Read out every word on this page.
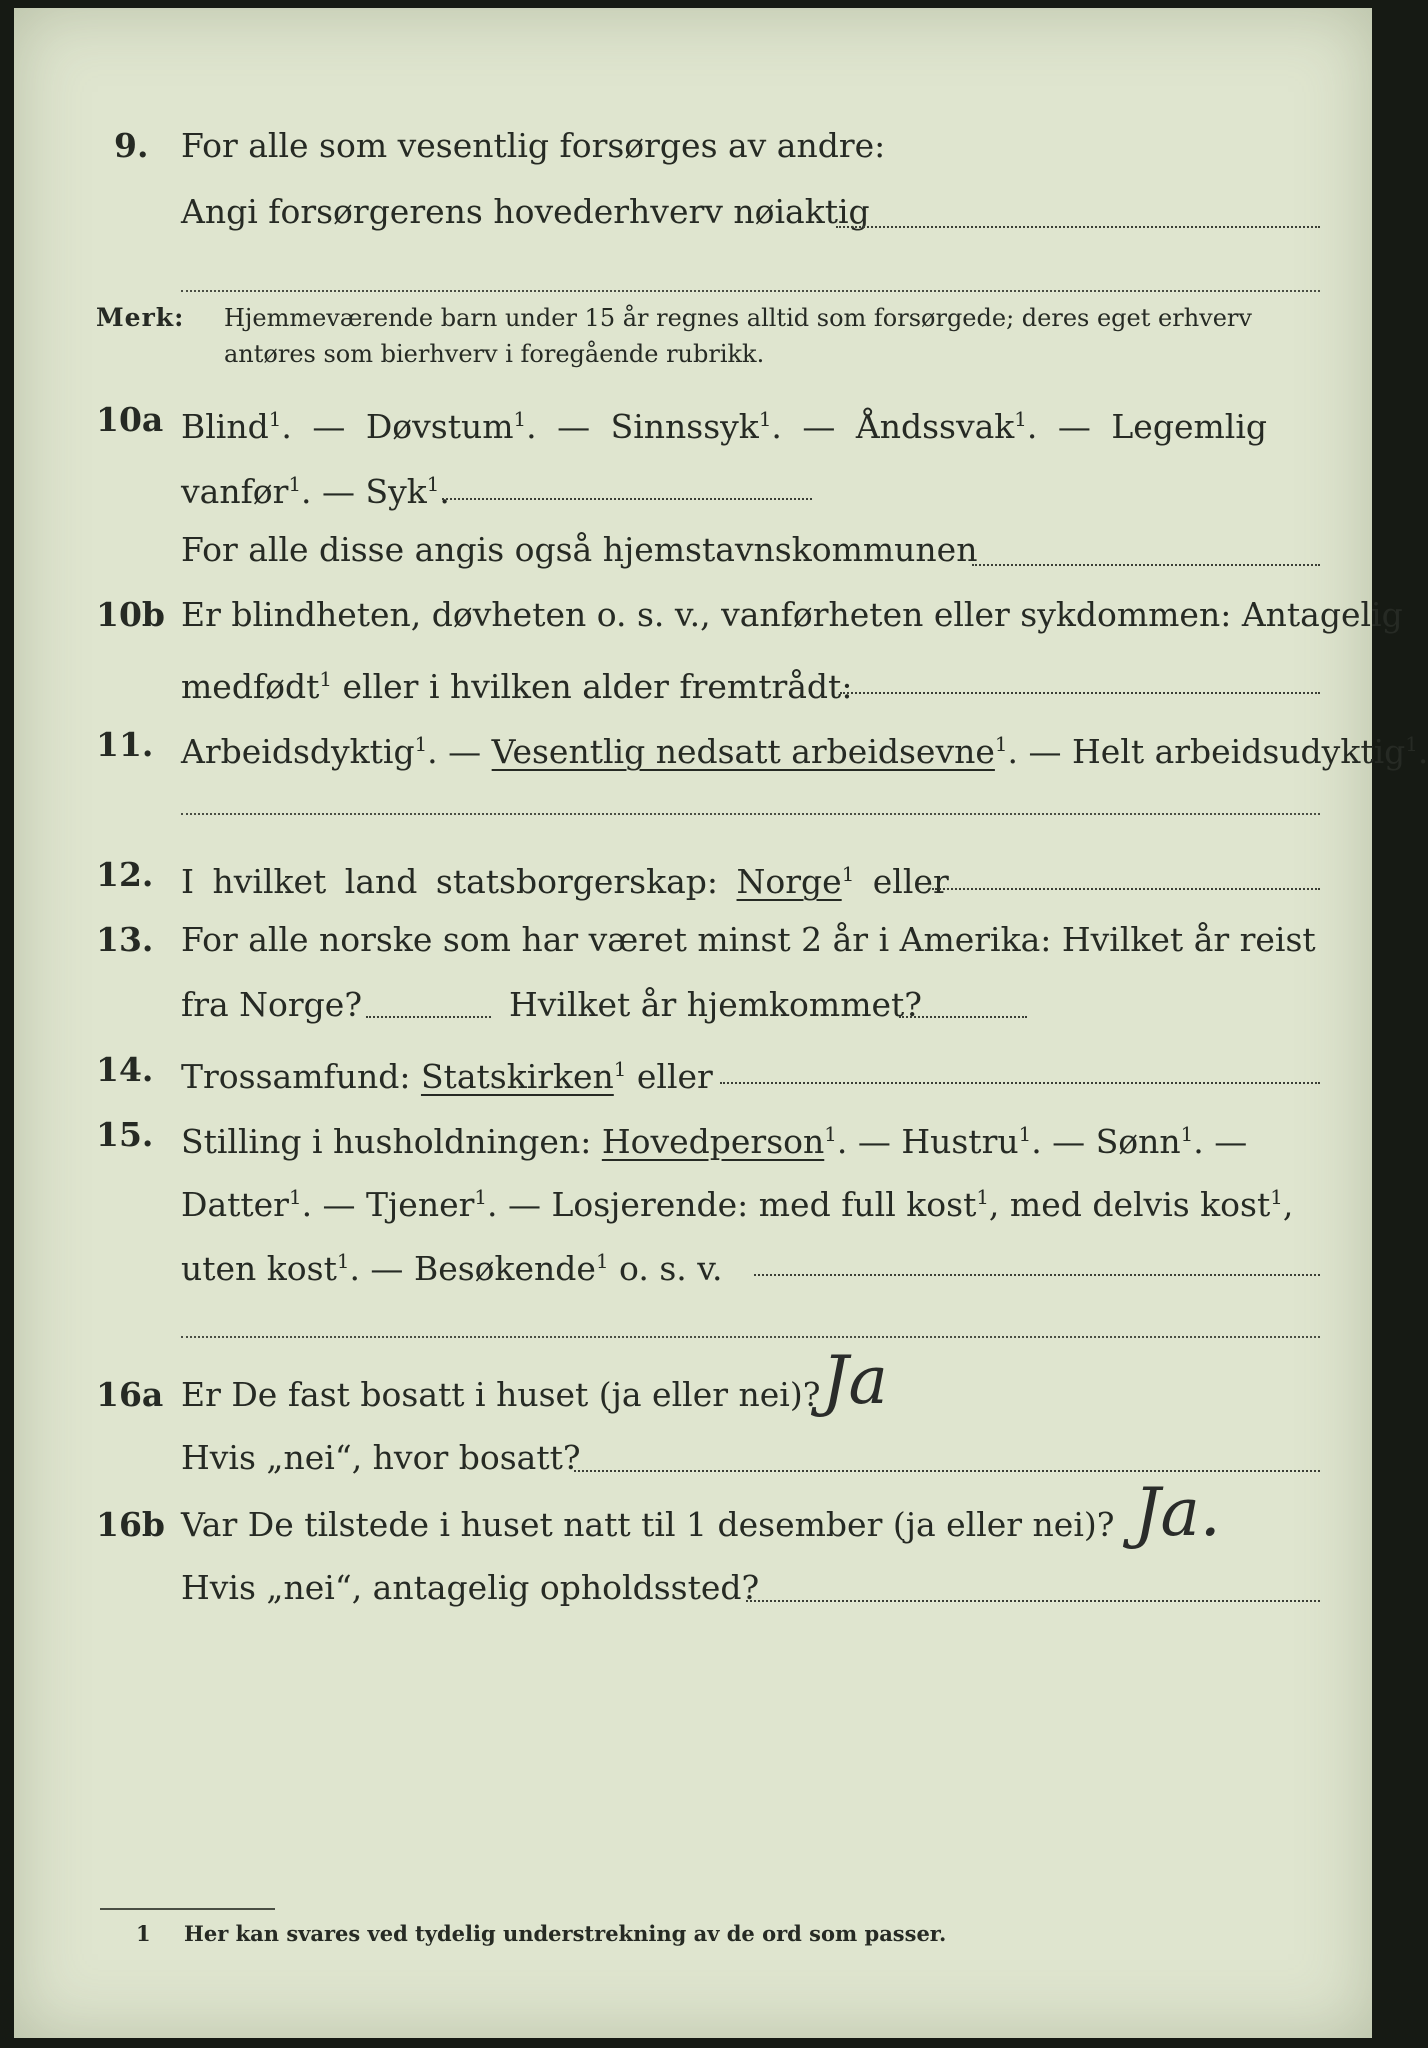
9. For alle som vesentlig forsørges av andre:
Angi forsørgerens hovederhverv nøiaktig
Merk: Hjemmeværende barn under 15 år regnes alltid som forsørgede; deres eget erhverv
antøres som bierhverv i foregående rubrikk.
10a Blind$^1$. — Døvstum$^1$. — Sinnssyk$^1$. — Åndssvak$^1$. — Legemlig
vanfør$^1$. — Syk$^1$.
For alle disse angis også hjemstavnskommunen
10b Er blindheten, døvheten o. s. v., vanførheten eller sykdommen: Antagelig
medfødt$^1$ eller i hvilken alder fremtrådt:
11. Arbeidsdyktig$^1$. — Vesentlig nedsatt arbeidsevne$^1$. — Helt arbeidsudyktig$^1$.
12. I hvilket land statsborgerskap: Norge$^1$ eller
13. For alle norske som har været minst 2 år i Amerika: Hvilket år reist
fra Norge?	Hvilket år hjemkommet?
14. Trossamfund: Statskirken$^1$ eller
15. Stilling i husholdningen: Hovedperson$^1$. — Hustru$^1$. — Sønn$^1$. —
Datter$^1$. — Tjener$^1$. — Losjerende: med full kost$^1$, med delvis kost$^1$,
uten kost$^1$. — Besøkende$^1$ o. s. v.
16a Er De fast bosatt i huset (ja eller nei)? Ja
Hvis „nei“, hvor bosatt?
16b Var De tilstede i huset natt til 1 desember (ja eller nei)? Ja.
Hvis „nei“, antagelig opholdssted?
1 Her kan svares ved tydelig understrekning av de ord som passer.
